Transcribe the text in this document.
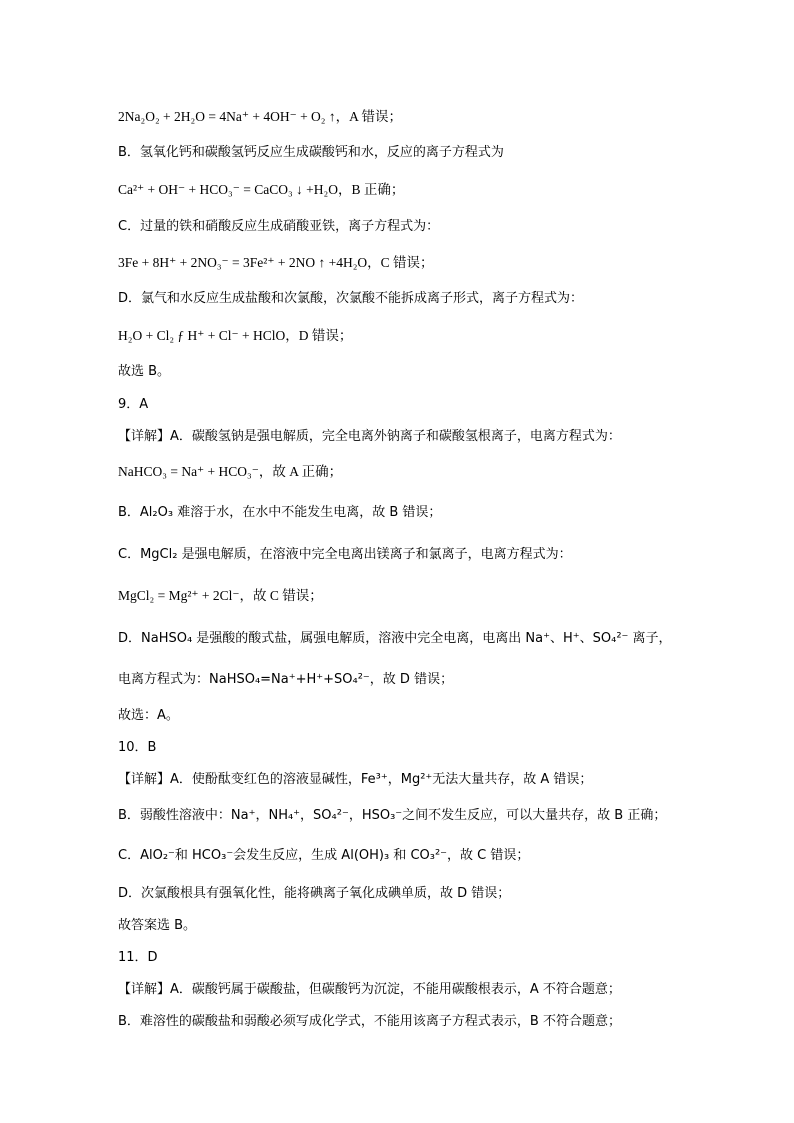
2Na₂O₂ + 2H₂O = 4Na⁺ + 4OH⁻ + O₂ ↑，A 错误；
B．氢氧化钙和碳酸氢钙反应生成碳酸钙和水，反应的离子方程式为
Ca²⁺ + OH⁻ + HCO₃⁻ = CaCO₃ ↓ +H₂O，B 正确；
C．过量的铁和硝酸反应生成硝酸亚铁，离子方程式为：
3Fe + 8H⁺ + 2NO₃⁻ = 3Fe²⁺ + 2NO ↑ +4H₂O，C 错误；
D．氯气和水反应生成盐酸和次氯酸，次氯酸不能拆成离子形式，离子方程式为：
H₂O + Cl₂ ƒ H⁺ + Cl⁻ + HClO，D 错误；
故选 B。
9．A
【详解】A．碳酸氢钠是强电解质，完全电离外钠离子和碳酸氢根离子，电离方程式为：
NaHCO₃ = Na⁺ + HCO₃⁻，故 A 正确；
B．Al₂O₃ 难溶于水，在水中不能发生电离，故 B 错误；
C．MgCl₂ 是强电解质，在溶液中完全电离出镁离子和氯离子，电离方程式为：
MgCl₂ = Mg²⁺ + 2Cl⁻，故 C 错误；
D．NaHSO₄ 是强酸的酸式盐，属强电解质，溶液中完全电离，电离出 Na⁺、H⁺、SO₄²⁻ 离子，
电离方程式为：NaHSO₄=Na⁺+H⁺+SO₄²⁻，故 D 错误；
故选：A。
10．B
【详解】A．使酚酞变红色的溶液显碱性，Fe³⁺，Mg²⁺无法大量共存，故 A 错误；
B．弱酸性溶液中：Na⁺，NH₄⁺，SO₄²⁻，HSO₃⁻之间不发生反应，可以大量共存，故 B 正确；
C．AlO₂⁻和 HCO₃⁻会发生反应，生成 Al(OH)₃ 和 CO₃²⁻，故 C 错误；
D．次氯酸根具有强氧化性，能将碘离子氧化成碘单质，故 D 错误；
故答案选 B。
11．D
【详解】A．碳酸钙属于碳酸盐，但碳酸钙为沉淀，不能用碳酸根表示，A 不符合题意；
B．难溶性的碳酸盐和弱酸必须写成化学式，不能用该离子方程式表示，B 不符合题意；
